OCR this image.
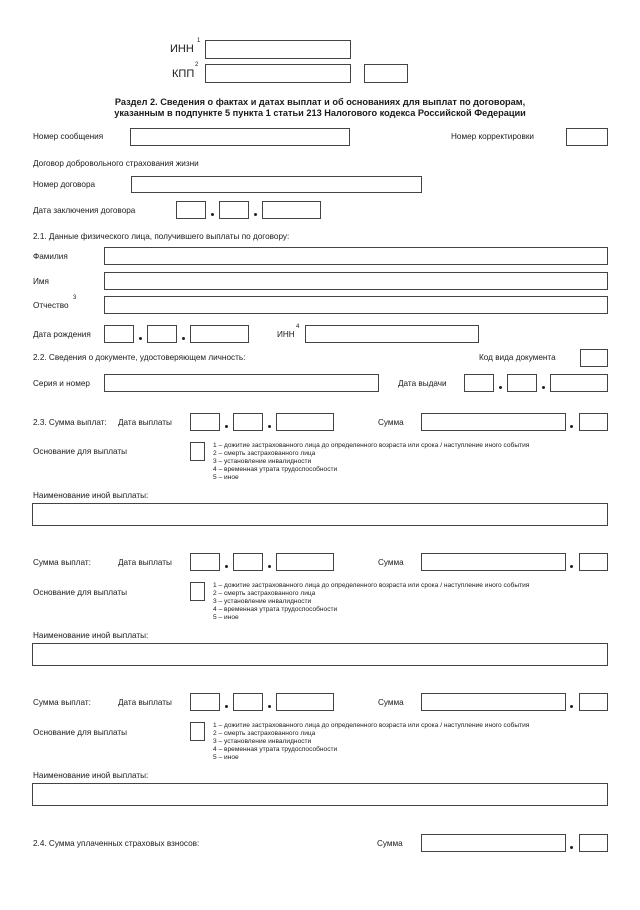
ИНН
1
КПП
2
Раздел 2. Сведения о фактах и датах выплат и об основаниях для выплат по договорам,
указанным в подпункте 5 пункта 1 статьи 213 Налогового кодекса Российской Федерации
Номер сообщения	Номер корректировки
Договор добровольного страхования жизни
Номер договора
Дата заключения договора
2.1. Данные физического лица, получившего выплаты по договору:
Фамилия
Имя
Отчество
3
Дата рождения	ИНН
4
2.2. Сведения о документе, удостоверяющем личность:	Код вида документа
Серия и номер	Дата выдачи
2.3. Сумма выплат: Дата выплаты	Сумма
Основание для выплаты
1 – дожитие застрахованного лица до определенного возраста или срока / наступление иного события
2 – смерть застрахованного лица
3 – установление инвалидности
4 – временная утрата трудоспособности
5 – иное
Наименование иной выплаты:
Сумма выплат:	Дата выплаты	Сумма
Основание для выплаты
1 – дожитие застрахованного лица до определенного возраста или срока / наступление иного события
2 – смерть застрахованного лица
3 – установление инвалидности
4 – временная утрата трудоспособности
5 – иное
Наименование иной выплаты:
Сумма выплат:	Дата выплаты	Сумма
Основание для выплаты
1 – дожитие застрахованного лица до определенного возраста или срока / наступление иного события
2 – смерть застрахованного лица
3 – установление инвалидности
4 – временная утрата трудоспособности
5 – иное
Наименование иной выплаты:
2.4. Сумма уплаченных страховых взносов:	Сумма
